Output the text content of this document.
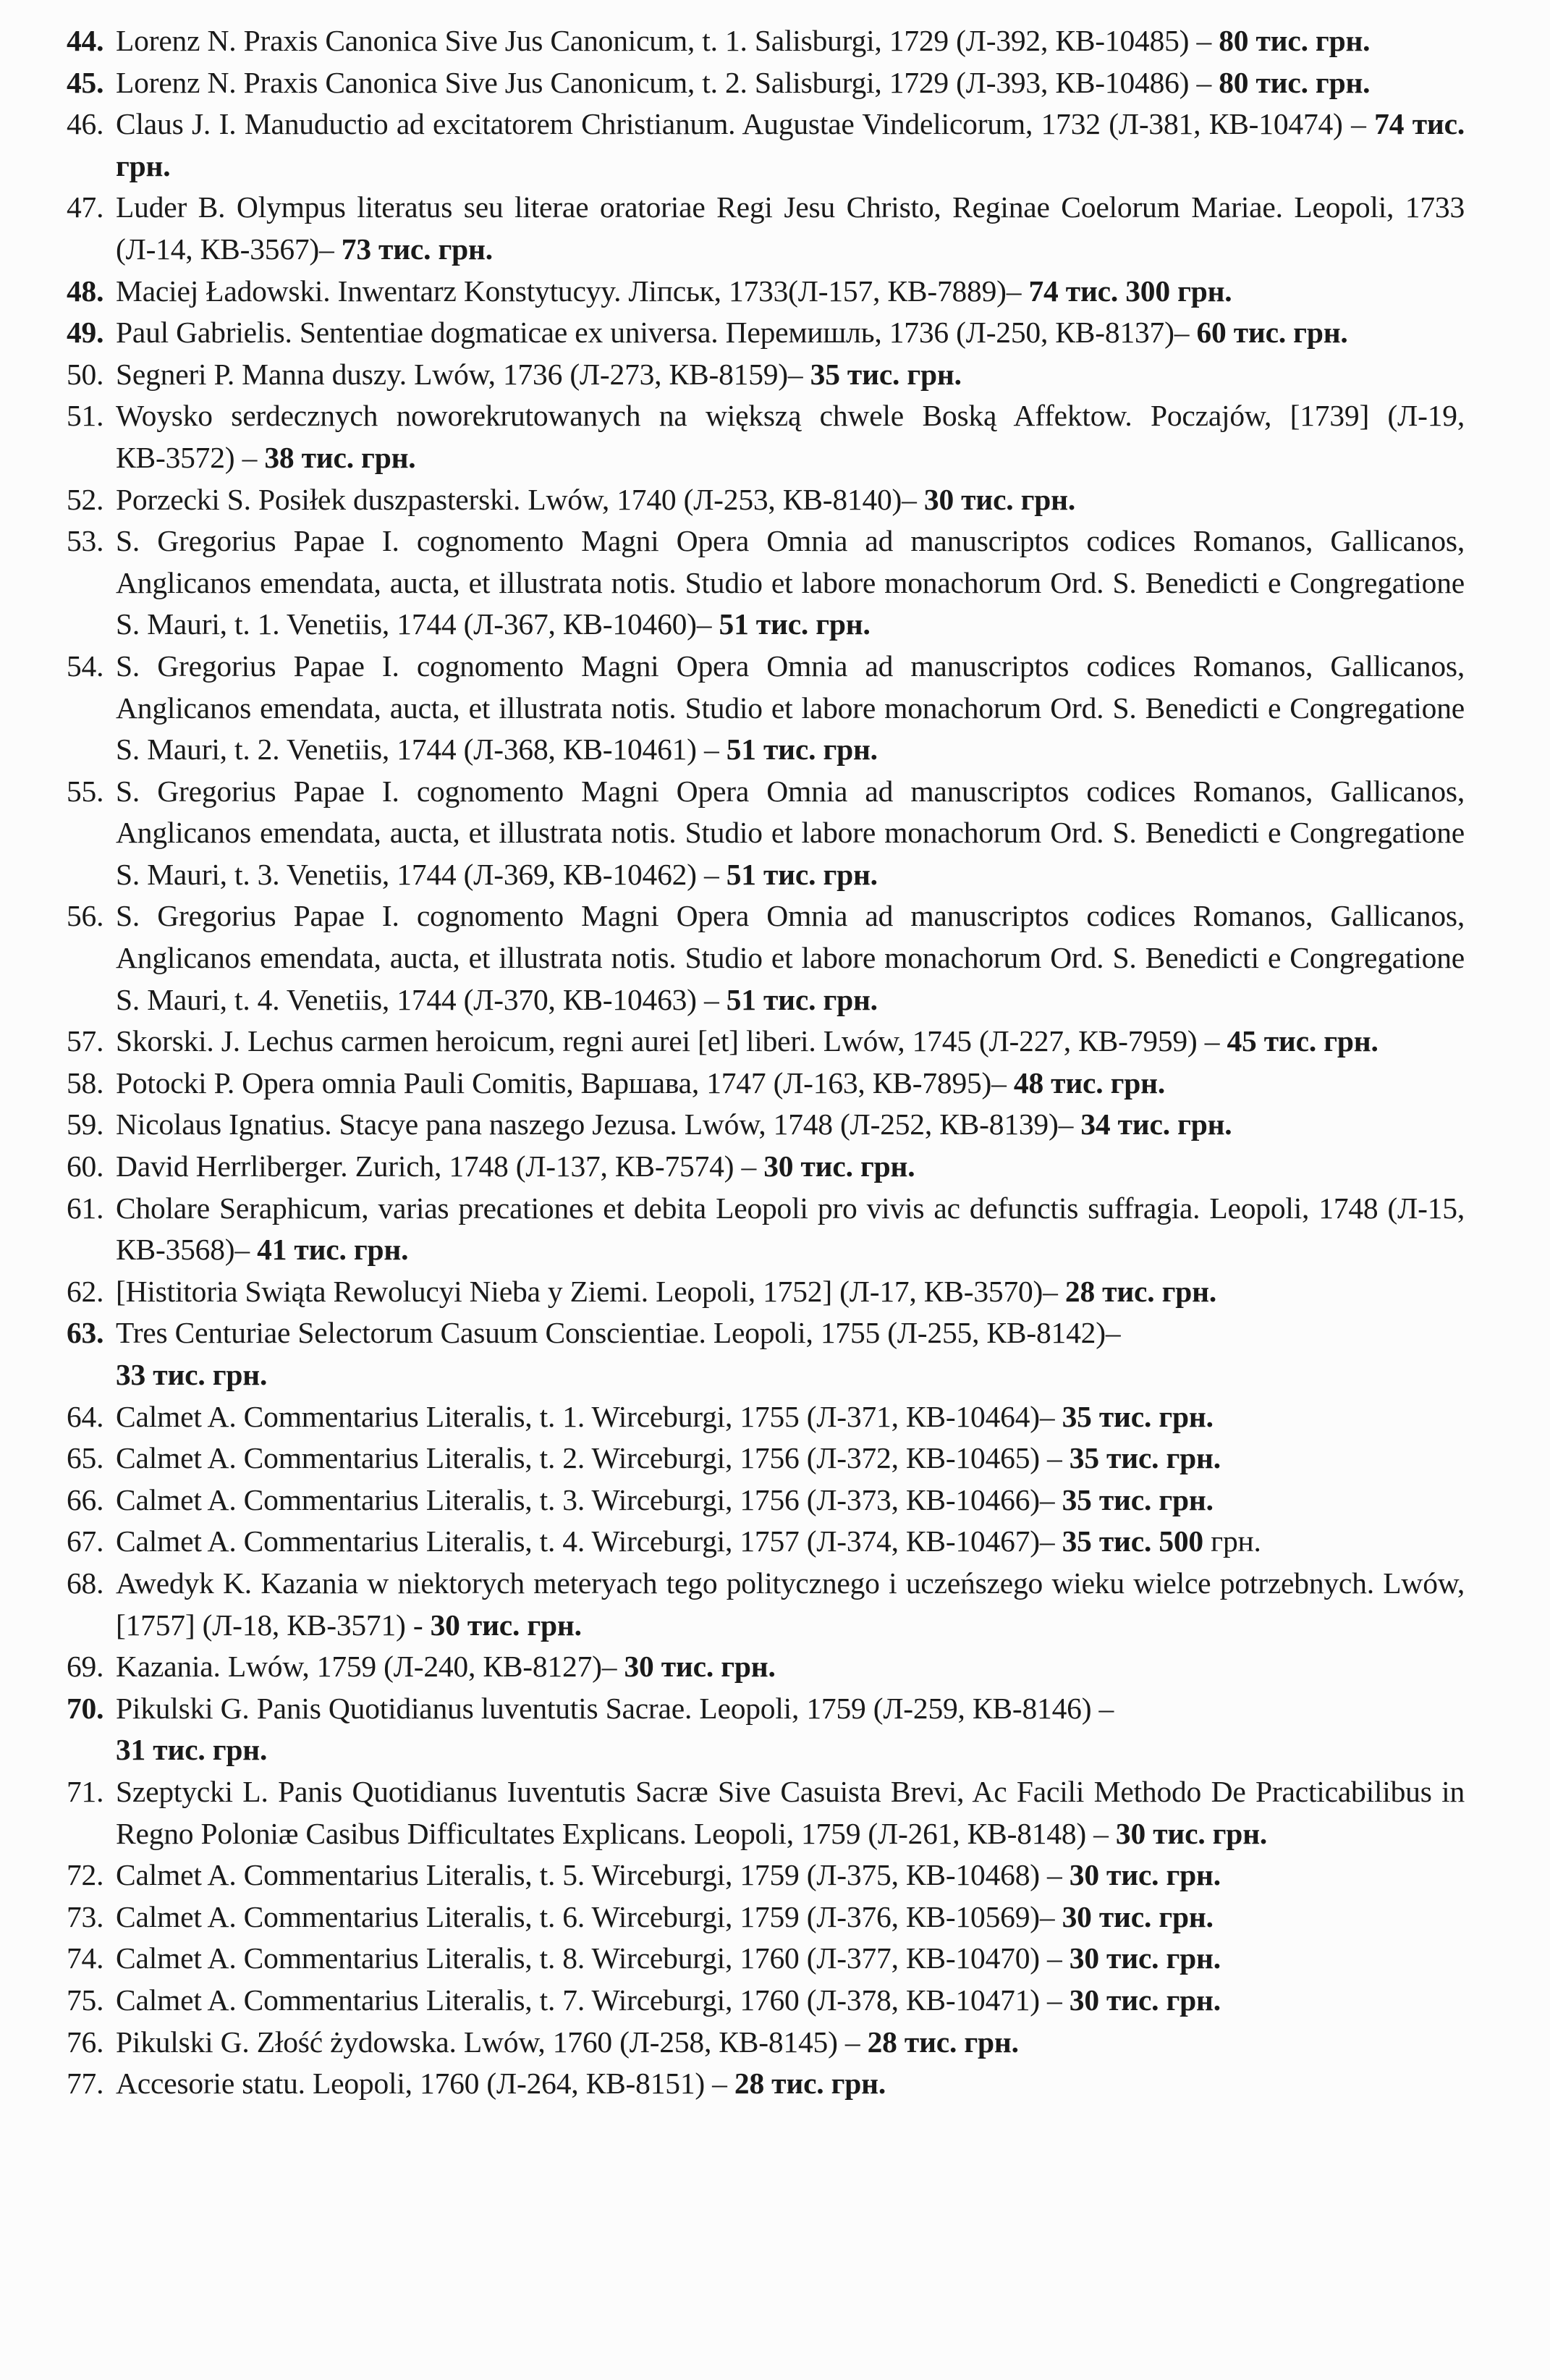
44. Lorenz N. Praxis Canonica Sive Jus Canonicum, t. 1. Salisburgi, 1729 (Л-392, КВ-10485) – 80 тис. грн.
45. Lorenz N. Praxis Canonica Sive Jus Canonicum, t. 2. Salisburgi, 1729 (Л-393, КВ-10486) – 80 тис. грн.
46. Claus J. I. Manuductio ad excitatorem Christianum. Augustae Vindelicorum, 1732 (Л-381, КВ-10474) – 74 тис. грн.
47. Luder B. Olympus literatus seu literae oratoriae Regi Jesu Christo, Reginae Coelorum Mariae. Leopoli, 1733 (Л-14, КВ-3567)– 73 тис. грн.
48. Maciej Ładowski. Inwentarz Konstytucyy. Ліпськ, 1733(Л-157, КВ-7889)– 74 тис. 300 грн.
49. Paul Gabrielis. Sententiae dogmaticae ex universa. Перемишль, 1736 (Л-250, КВ-8137)– 60 тис. грн.
50. Segneri P. Manna duszy. Lwów, 1736 (Л-273, КВ-8159)– 35 тис. грн.
51. Woysko serdecznych noworekrutowanych na większą chwele Boską Affektow. Poczajów, [1739] (Л-19, КВ-3572) – 38 тис. грн.
52. Porzecki S. Posiłek duszpasterski. Lwów, 1740 (Л-253, КВ-8140)– 30 тис. грн.
53. S. Gregorius Papae I. cognomento Magni Opera Omnia ad manuscriptos codices Romanos, Gallicanos, Anglicanos emendata, aucta, et illustrata notis. Studio et labore monachorum Ord. S. Benedicti e Congregatione S. Mauri, t. 1. Venetiis, 1744 (Л-367, КВ-10460)– 51 тис. грн.
54. S. Gregorius Papae I. cognomento Magni Opera Omnia ad manuscriptos codices Romanos, Gallicanos, Anglicanos emendata, aucta, et illustrata notis. Studio et labore monachorum Ord. S. Benedicti e Congregatione S. Mauri, t. 2. Venetiis, 1744 (Л-368, КВ-10461) – 51 тис. грн.
55. S. Gregorius Papae I. cognomento Magni Opera Omnia ad manuscriptos codices Romanos, Gallicanos, Anglicanos emendata, aucta, et illustrata notis. Studio et labore monachorum Ord. S. Benedicti e Congregatione S. Mauri, t. 3. Venetiis, 1744 (Л-369, КВ-10462) – 51 тис. грн.
56. S. Gregorius Papae I. cognomento Magni Opera Omnia ad manuscriptos codices Romanos, Gallicanos, Anglicanos emendata, aucta, et illustrata notis. Studio et labore monachorum Ord. S. Benedicti e Congregatione S. Mauri, t. 4. Venetiis, 1744 (Л-370, КВ-10463) – 51 тис. грн.
57. Skorski. J. Lechus carmen heroicum, regni aurei [et] liberi. Lwów, 1745 (Л-227, КВ-7959) – 45 тис. грн.
58. Potocki P. Opera omnia Pauli Comitis, Варшава, 1747 (Л-163, КВ-7895)– 48 тис. грн.
59. Nicolaus Ignatius. Stacye pana naszego Jezusa. Lwów, 1748 (Л-252, КВ-8139)– 34 тис. грн.
60. David Herrliberger. Zurich, 1748 (Л-137, КВ-7574) – 30 тис. грн.
61. Cholare Seraphicum, varias precationes et debita Leopoli pro vivis ac defunctis suffragia. Leopoli, 1748 (Л-15, КВ-3568)– 41 тис. грн.
62. [Histitoria Swiąta Rewolucyi Nieba y Ziemi. Leopoli, 1752] (Л-17, КВ-3570)– 28 тис. грн.
63. Tres Centuriae Selectorum Casuum Conscientiae. Leopoli, 1755 (Л-255, КВ-8142)–
33 тис. грн.
64. Calmet A. Commentarius Literalis, t. 1. Wirceburgi, 1755 (Л-371, КВ-10464)– 35 тис. грн.
65. Calmet A. Commentarius Literalis, t. 2. Wirceburgi, 1756 (Л-372, КВ-10465) – 35 тис. грн.
66. Calmet A. Commentarius Literalis, t. 3. Wirceburgi, 1756 (Л-373, КВ-10466)– 35 тис. грн.
67. Calmet A. Commentarius Literalis, t. 4. Wirceburgi, 1757 (Л-374, КВ-10467)– 35 тис. 500 грн.
68. Awedyk K. Kazania w niektorych meteryach tego politycznego i uczeńszego wieku wielce potrzebnych. Lwów, [1757] (Л-18, КВ-3571) - 30 тис. грн.
69. Kazania. Lwów, 1759 (Л-240, КВ-8127)– 30 тис. грн.
70. Pikulski G. Panis Quotidianus luventutis Sacrae. Leopoli, 1759 (Л-259, КВ-8146) –
31 тис. грн.
71. Szeptycki L. Panis Quotidianus Iuventutis Sacræ Sive Casuista Brevi, Ac Facili Methodo De Practicabilibus in Regno Poloniæ Casibus Difficultates Explicans. Leopoli, 1759 (Л-261, КВ-8148) – 30 тис. грн.
72. Calmet A. Commentarius Literalis, t. 5. Wirceburgi, 1759 (Л-375, КВ-10468) – 30 тис. грн.
73. Calmet A. Commentarius Literalis, t. 6. Wirceburgi, 1759 (Л-376, КВ-10569)– 30 тис. грн.
74. Calmet A. Commentarius Literalis, t. 8. Wirceburgi, 1760 (Л-377, КВ-10470) – 30 тис. грн.
75. Calmet A. Commentarius Literalis, t. 7. Wirceburgi, 1760 (Л-378, КВ-10471) – 30 тис. грн.
76. Pikulski G. Złość żydowska. Lwów, 1760 (Л-258, КВ-8145) – 28 тис. грн.
77. Accesorie statu. Leopoli, 1760 (Л-264, КВ-8151) – 28 тис. грн.
